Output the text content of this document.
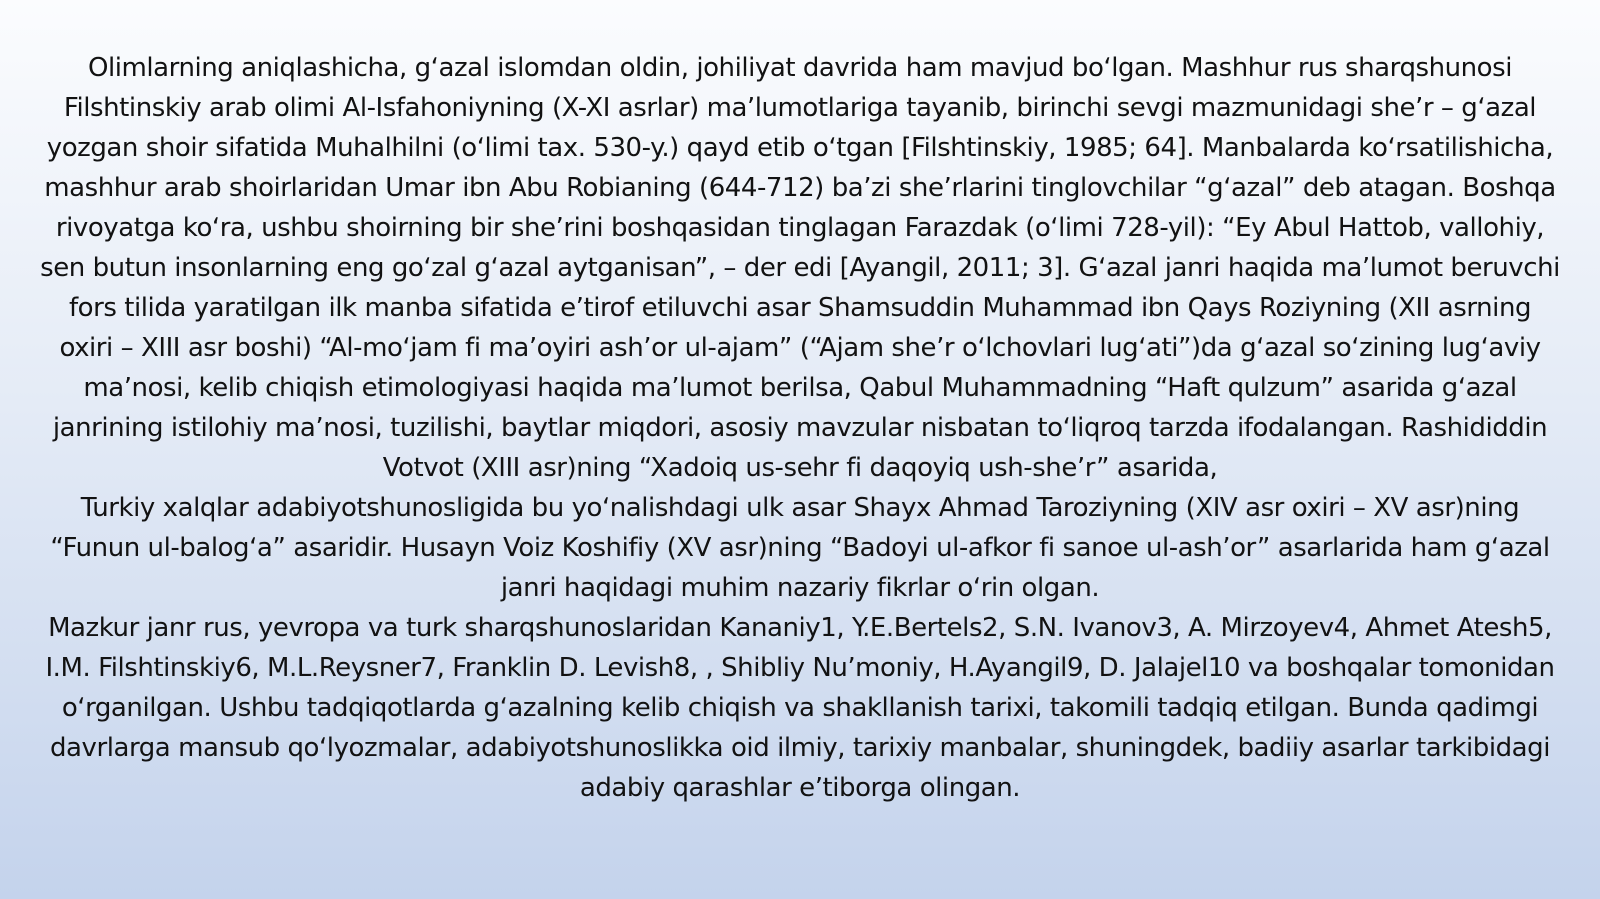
Olimlarning aniqlashicha, gʻazal islomdan oldin, johiliyat davrida ham mavjud boʻlgan. Mashhur rus sharqshunosi Filshtinskiy arab olimi Al-Isfahoniyning (X-XI asrlar) maʼlumotlariga tayanib, birinchi sevgi mazmunidagi sheʼr – gʻazal yozgan shoir sifatida Muhalhilni (oʻlimi tax. 530-y.) qayd etib oʻtgan [Filshtinskiy, 1985; 64]. Manbalarda koʻrsatilishicha, mashhur arab shoirlaridan Umar ibn Abu Robianing (644-712) baʼzi sheʼrlarini tinglovchilar “gʻazal” deb atagan. Boshqa rivoyatga koʻra, ushbu shoirning bir sheʼrini boshqasidan tinglagan Farazdak (oʻlimi 728-yil): “Ey Abul Hattob, vallohiy, sen butun insonlarning eng goʻzal gʻazal aytganisan”, – der edi [Ayangil, 2011; 3]. Gʻazal janri haqida maʼlumot beruvchi fors tilida yaratilgan ilk manba sifatida eʼtirof etiluvchi asar Shamsuddin Muhammad ibn Qays Roziyning (XII asrning oxiri – XIII asr boshi) “Al-moʻjam fi maʼoyiri ashʼor ul-ajam” (“Ajam sheʼr oʻlchovlari lugʻati”)da gʻazal soʻzining lugʻaviy maʼnosi, kelib chiqish etimologiyasi haqida maʼlumot berilsa, Qabul Muhammadning “Haft qulzum” asarida gʻazal janrining istilohiy maʼnosi, tuzilishi, baytlar miqdori, asosiy mavzular nisbatan toʻliqroq tarzda ifodalangan. Rashididdin Votvot (XIII asr)ning “Xadoiq us-sehr fi daqoyiq ush-sheʼr” asarida,

Turkiy xalqlar adabiyotshunosligida bu yoʻnalishdagi ulk asar Shayx Ahmad Taroziyning (XIV asr oxiri – XV asr)ning “Funun ul-balogʻa” asaridir. Husayn Voiz Koshifiy (XV asr)ning “Badoyi ul-afkor fi sanoe ul-ashʼor” asarlarida ham gʻazal janri haqidagi muhim nazariy fikrlar oʻrin olgan.

Mazkur janr rus, yevropa va turk sharqshunoslaridan Kananiy1, Y.E.Bertels2, S.N. Ivanov3, A. Mirzoyev4, Ahmet Atesh5, I.M. Filshtinskiy6, M.L.Reysner7, Franklin D. Levish8, , Shibliy Nuʼmoniy, H.Ayangil9, D. Jalajel10 va boshqalar tomonidan oʻrganilgan. Ushbu tadqiqotlarda gʻazalning kelib chiqish va shakllanish tarixi, takomili tadqiq etilgan. Bunda qadimgi davrlarga mansub qoʻlyozmalar, adabiyotshunoslikka oid ilmiy, tarixiy manbalar, shuningdek, badiiy asarlar tarkibidagi adabiy qarashlar eʼtiborga olingan.
